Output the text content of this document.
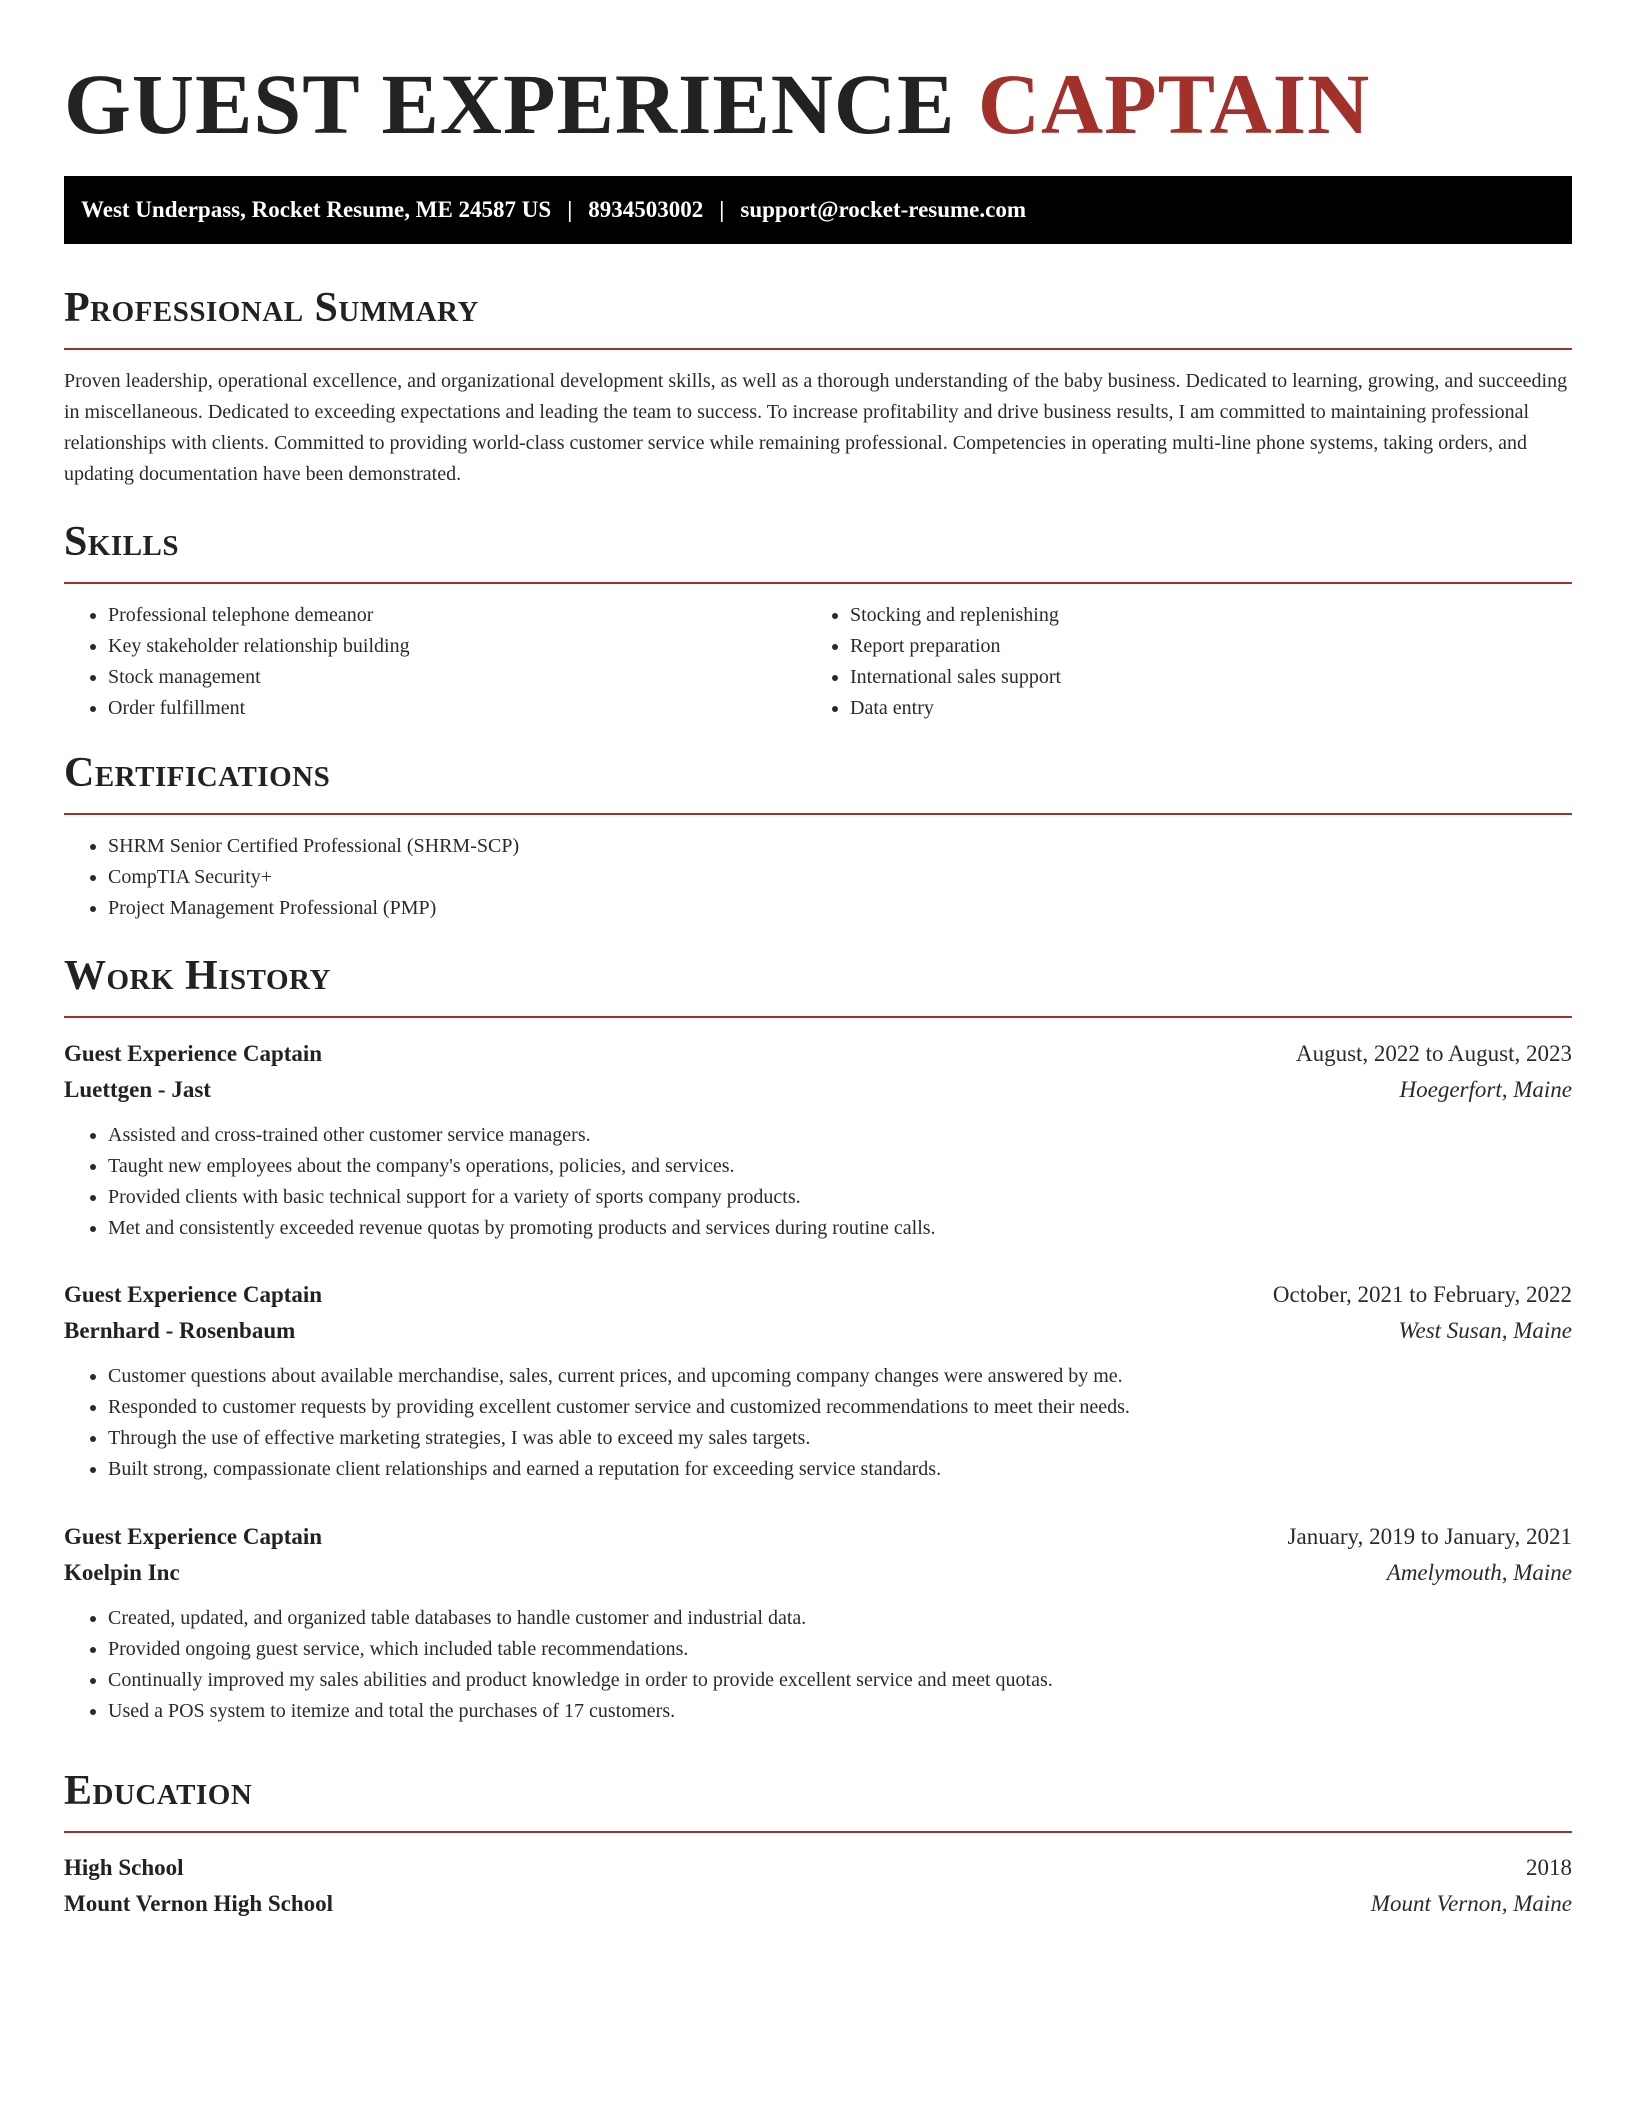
GUEST EXPERIENCE CAPTAIN
West Underpass, Rocket Resume, ME 24587 US | 8934503002 | support@rocket-resume.com
Professional Summary

Proven leadership, operational excellence, and organizational development skills, as well as a thorough understanding of the baby business. Dedicated to learning, growing, and succeeding in miscellaneous. Dedicated to exceeding expectations and leading the team to success. To increase profitability and drive business results, I am committed to maintaining professional relationships with clients. Committed to providing world-class customer service while remaining professional. Competencies in operating multi-line phone systems, taking orders, and updating documentation have been demonstrated.

Skills
• Professional telephone demeanor
• Key stakeholder relationship building
• Stock management
• Order fulfillment
• Stocking and replenishing
• Report preparation
• International sales support
• Data entry
Certifications
• SHRM Senior Certified Professional (SHRM-SCP)
• CompTIA Security+
• Project Management Professional (PMP)
Work History
Guest Experience Captain	August, 2022 to August, 2023
Luettgen - Jast	Hoegerfort, Maine
• Assisted and cross-trained other customer service managers.
• Taught new employees about the company's operations, policies, and services.
• Provided clients with basic technical support for a variety of sports company products.
• Met and consistently exceeded revenue quotas by promoting products and services during routine calls.
Guest Experience Captain	October, 2021 to February, 2022
Bernhard - Rosenbaum	West Susan, Maine
• Customer questions about available merchandise, sales, current prices, and upcoming company changes were answered by me.
• Responded to customer requests by providing excellent customer service and customized recommendations to meet their needs.
• Through the use of effective marketing strategies, I was able to exceed my sales targets.
• Built strong, compassionate client relationships and earned a reputation for exceeding service standards.
Guest Experience Captain	January, 2019 to January, 2021
Koelpin Inc	Amelymouth, Maine
• Created, updated, and organized table databases to handle customer and industrial data.
• Provided ongoing guest service, which included table recommendations.
• Continually improved my sales abilities and product knowledge in order to provide excellent service and meet quotas.
• Used a POS system to itemize and total the purchases of 17 customers.
Education
High School	2018
Mount Vernon High School	Mount Vernon, Maine
